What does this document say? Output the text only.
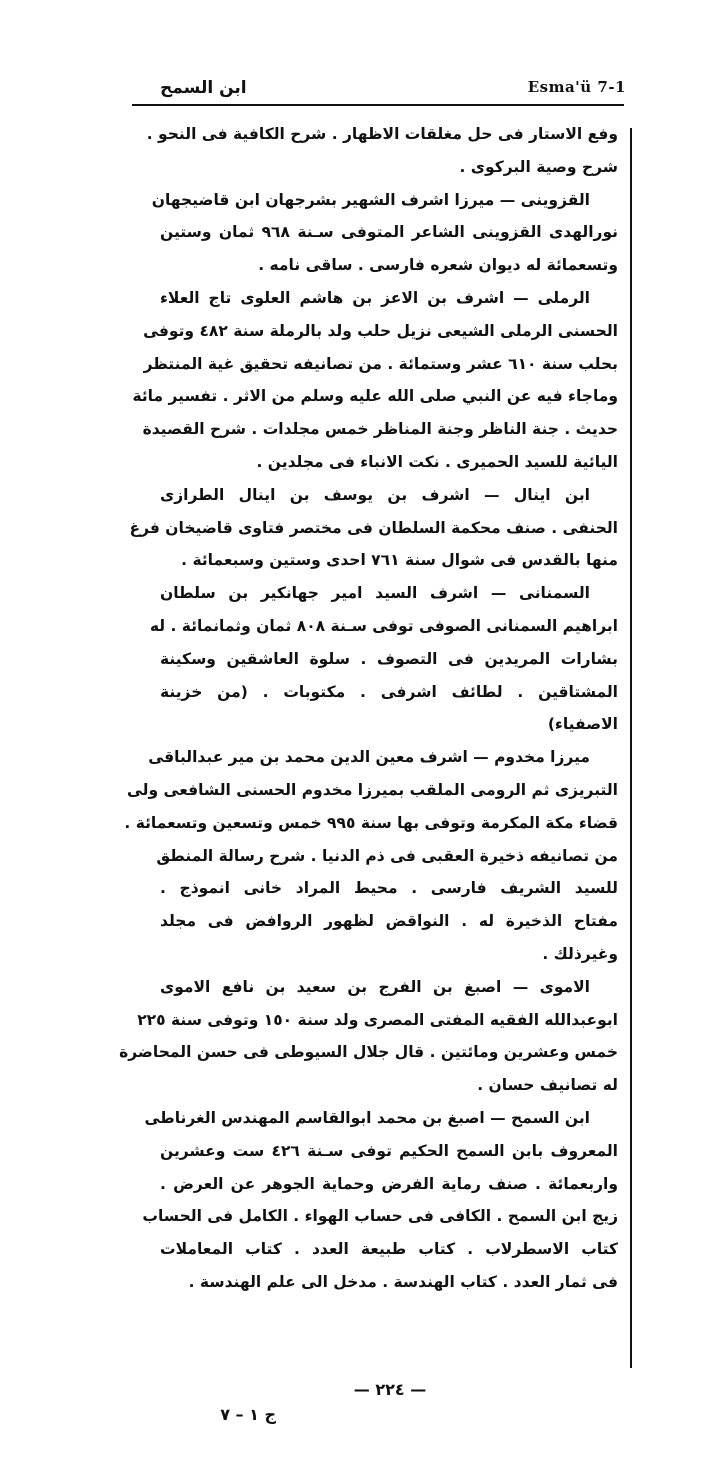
ابن السمح	Esma'ü 7-1
وفع الاستار فى حل مغلقات الاظهار . شرح الكافية فى النحو .
شرح وصية البركوى .
القزوينى — ميرزا اشرف الشهير بشرجهان ابن قاضيجهان
نورالهدى القزوينى الشاعر المتوفى سـنة ٩٦٨ ثمان وستين
وتسعمائة له ديوان شعره فارسى . ساقى نامه .
الرملى — اشرف بن الاعز بن هاشم العلوى تاج العلاء
الحسنى الرملى الشيعى نزيل حلب ولد بالرملة سنة ٤٨٢ وتوفى
بحلب سنة ٦١٠ عشر وستمائة . من تصانيفه تحقيق غية المنتظر
وماجاء فيه عن النبي صلى الله عليه وسلم من الاثر . تفسير مائة
حديث . جنة الناظر وجنة المناظر خمس مجلدات . شرح القصيدة
اليائية للسيد الحميرى . نكت الانباء فى مجلدين .
ابن اينال — اشرف بن يوسف بن اينال الطرازى
الحنفى . صنف محكمة السلطان فى مختصر فتاوى قاضيخان فرغ
منها بالقدس فى شوال سنة ٧٦١ احدى وستين وسبعمائة .
السمنانى — اشرف السيد امير جهانكير بن سلطان
ابراهيم السمنانى الصوفى توفى سـنة ٨٠٨ ثمان وثمانمائة . له
بشارات المريدين فى التصوف . سلوة العاشقين وسكينة
المشتاقين . لطائف اشرفى . مكتوبات . (من خزينة
الاصفياء)
ميرزا مخدوم — اشرف معين الدين محمد بن مير عبدالباقى
التبريزى ثم الرومى الملقب بميرزا مخدوم الحسنى الشافعى ولى
قضاء مكة المكرمة وتوفى بها سنة ٩٩٥ خمس وتسعين وتسعمائة .
من تصانيفه ذخيرة العقبى فى ذم الدنيا . شرح رسالة المنطق
للسيد الشريف فارسى . محيط المراد خانى انموذج .
مفتاح الذخيرة له . النواقض لظهور الروافض فى مجلد
وغيرذلك .
الاموى — اصبغ بن الفرج بن سعيد بن نافع الاموى
ابوعبدالله الفقيه المفتى المصرى ولد سنة ١٥٠ وتوفى سنة ٢٢٥
خمس وعشرين ومائتين . قال جلال السيوطى فى حسن المحاضرة
له تصانيف حسان .
ابن السمح — اصبغ بن محمد ابوالقاسم المهندس الغرناطى
المعروف بابن السمح الحكيم توفى سـنة ٤٢٦ ست وعشرين
واربعمائة . صنف رماية الفرض وحماية الجوهر عن العرض .
زيج ابن السمح . الكافى فى حساب الهواء . الكامل فى الحساب
كتاب الاسطرلاب . كتاب طبيعة العدد . كتاب المعاملات
فى ثمار العدد . كتاب الهندسة . مدخل الى علم الهندسة .
— ٢٢٤ —
ج ١ – ٧
